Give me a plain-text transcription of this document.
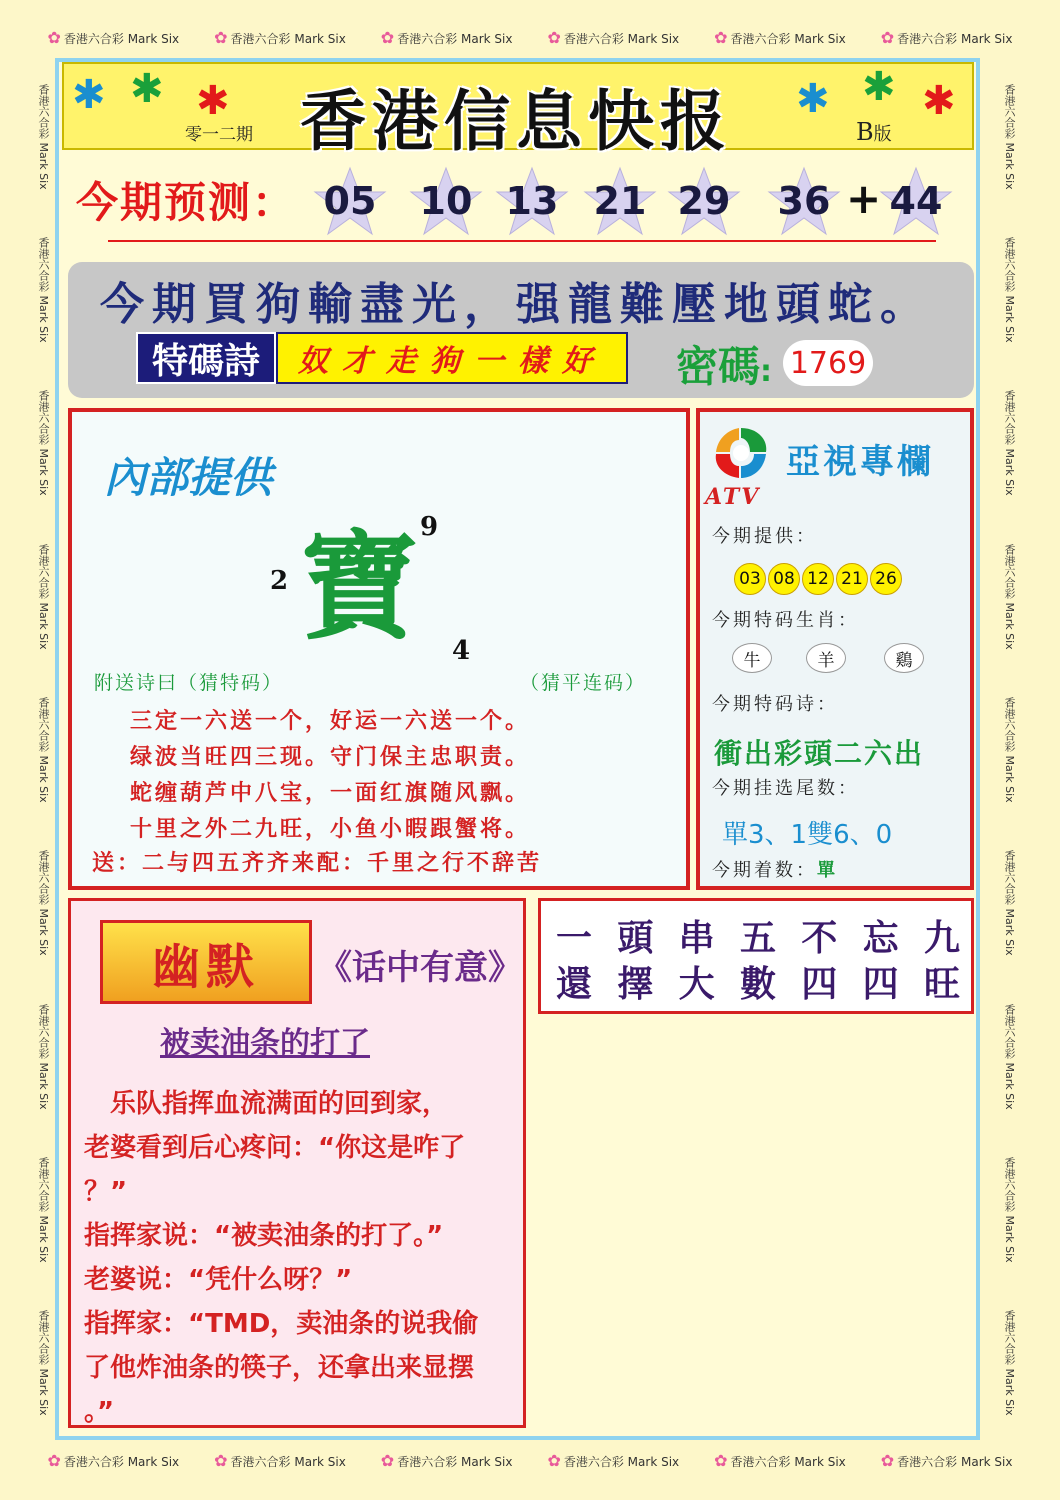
✿ 香港六合彩 Mark Six ✿ 香港六合彩 Mark Six ✿ 香港六合彩 Mark Six ✿ 香港六合彩 Mark Six ✿ 香港六合彩 Mark Six ✿ 香港六合彩 Mark Six
✿ 香港六合彩 Mark Six ✿ 香港六合彩 Mark Six ✿ 香港六合彩 Mark Six ✿ 香港六合彩 Mark Six ✿ 香港六合彩 Mark Six ✿ 香港六合彩 Mark Six
香港六合彩 Mark Six
香港六合彩 Mark Six
香港六合彩 Mark Six
香港六合彩 Mark Six
香港六合彩 Mark Six
香港六合彩 Mark Six
香港六合彩 Mark Six
香港六合彩 Mark Six
香港六合彩 Mark Six
香港六合彩 Mark Six
香港六合彩 Mark Six
香港六合彩 Mark Six
香港六合彩 Mark Six
香港六合彩 Mark Six
香港六合彩 Mark Six
香港六合彩 Mark Six
香港六合彩 Mark Six
香港六合彩 Mark Six
✱ ✱ ✱	✱ ✱ ✱
香港信息快报
零一二期	B版
今期预测： 05 10 13 21 29 36 44
+
今期買狗輸盡光，强龍難壓地頭蛇。
特碼詩	奴才走狗一樣好	密碼: 1769
內部提供
寶 9
2
4
附送诗曰（猜特码）	（猜平连码）
三定一六送一个，好运一六送一个。
绿波当旺四三现。守门保主忠职责。
蛇缠葫芦中八宝，一面红旗随风飘。
十里之外二九旺，小鱼小暇跟蟹将。
送：二与四五齐齐来配：千里之行不辞苦
亞視專欄
ATV
今期提供：
03 08 12 21 26
今期特码生肖：
牛	羊	鷄
今期特码诗：
衝出彩頭二六出
今期挂选尾数：
單3、1雙6、0
今期着数：單
幽默	《话中有意》
被卖油条的打了
　乐队指挥血流满面的回到家，
老婆看到后心疼问：“你这是咋了
？”
指挥家说：“被卖油条的打了。”
老婆说：“凭什么呀？”
指挥家：“TMD，卖油条的说我偷
了他炸油条的筷子，还拿出来显摆
。”
一 頭 串 五 不 忘 九
還 擇 大 數 四 四 旺
